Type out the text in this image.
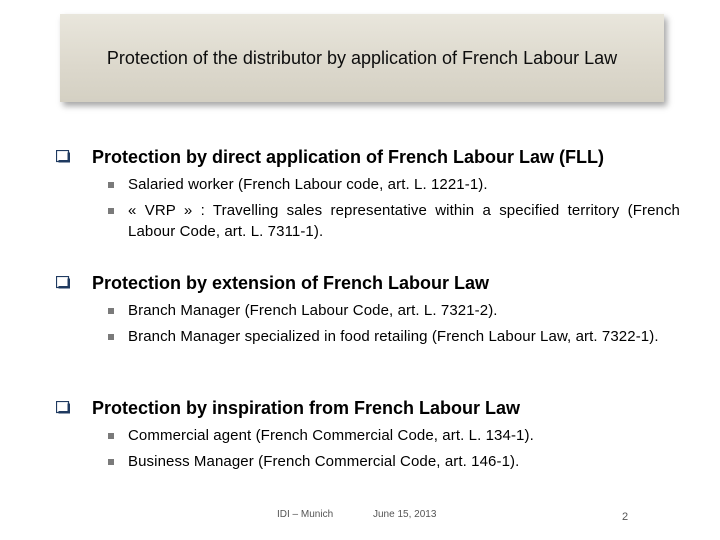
Protection of the distributor by application of French Labour Law
Protection by direct application of French Labour Law (FLL)
Salaried worker (French Labour code, art. L. 1221-1).
« VRP » : Travelling sales representative within a specified territory (French Labour Code, art. L. 7311-1).
Protection by extension of French Labour Law
Branch Manager (French Labour Code, art. L. 7321-2).
Branch Manager specialized in food retailing (French Labour Law, art. 7322-1).
Protection by inspiration from French Labour Law
Commercial agent (French Commercial Code, art. L. 134-1).
Business Manager (French Commercial Code, art. 146-1).
IDI – Munich	June 15, 2013	2
